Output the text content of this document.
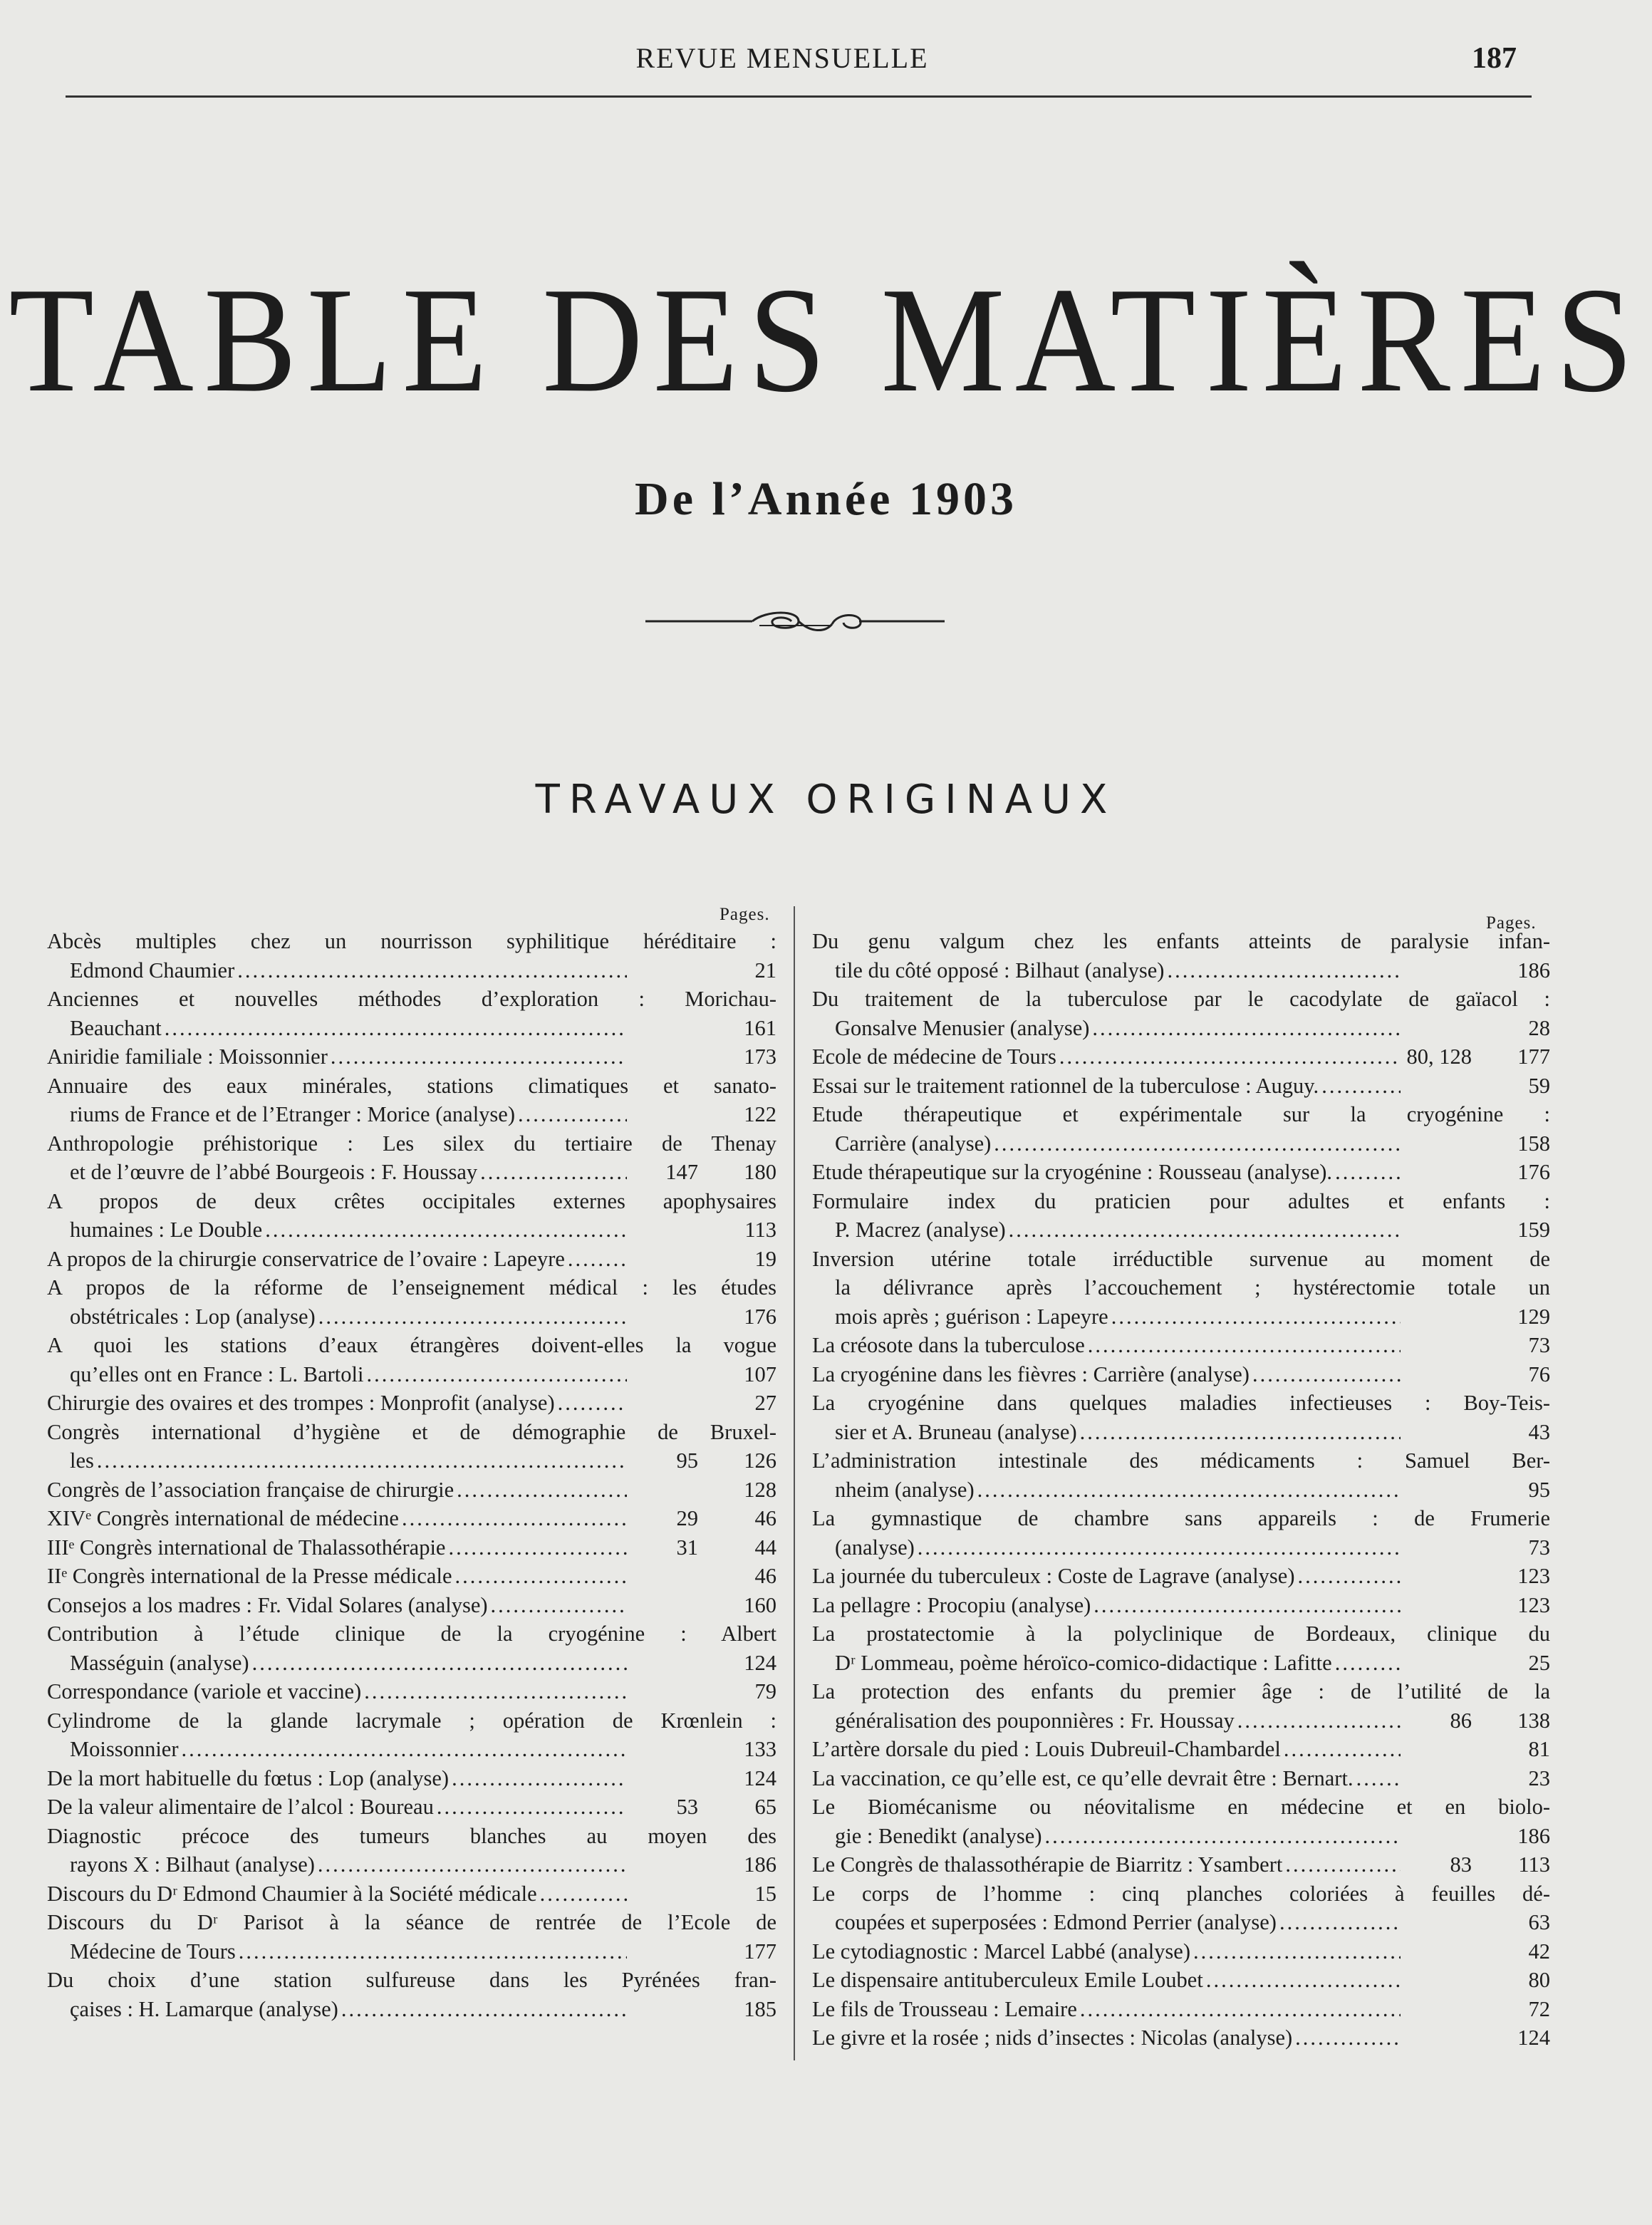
REVUE MENSUELLE	187
TABLE DES MATIÈRES
De l’Année 1903
TRAVAUX ORIGINAUX
Pages.	Pages.
Abcès multiples chez un nourrisson syphilitique héréditaire :
Edmond Chaumier .....	21
Anciennes et nouvelles méthodes d’exploration : Morichau-
Beauchant .....	161
Aniridie familiale : Moissonnier .....	173
Annuaire des eaux minérales, stations climatiques et sanato-
riums de France et de l’Etranger : Morice (analyse) .....	122
Anthropologie préhistorique : Les silex du tertiaire de Thenay
et de l’œuvre de l’abbé Bourgeois : F. Houssay .....	147	180
A propos de deux crêtes occipitales externes apophysaires
humaines : Le Double .....	113
A propos de la chirurgie conservatrice de l’ovaire : Lapeyre .....	19
A propos de la réforme de l’enseignement médical : les études
obstétricales : Lop (analyse) .....	176
A quoi les stations d’eaux étrangères doivent-elles la vogue
qu’elles ont en France : L. Bartoli .....	107
Chirurgie des ovaires et des trompes : Monprofit (analyse) .....	27
Congrès international d’hygiène et de démographie de Bruxel-
les .....	95	126
Congrès de l’association française de chirurgie .....	128
XIVᵉ Congrès international de médecine .....	29	46
IIIᵉ Congrès international de Thalassothérapie .....	31	44
IIᵉ Congrès international de la Presse médicale .....	46
Consejos a los madres : Fr. Vidal Solares (analyse) .....	160
Contribution à l’étude clinique de la cryogénine : Albert
Masséguin (analyse) .....	124
Correspondance (variole et vaccine) .....	79
Cylindrome de la glande lacrymale ; opération de Krœnlein :
Moissonnier .....	133
De la mort habituelle du fœtus : Lop (analyse) .....	124
De la valeur alimentaire de l’alcol : Boureau .....	53	65
Diagnostic précoce des tumeurs blanches au moyen des
rayons X : Bilhaut (analyse) .....	186
Discours du Dʳ Edmond Chaumier à la Société médicale .....	15
Discours du Dʳ Parisot à la séance de rentrée de l’Ecole de
Médecine de Tours .....	177
Du choix d’une station sulfureuse dans les Pyrénées fran-
çaises : H. Lamarque (analyse) .....	185
Du genu valgum chez les enfants atteints de paralysie infan-
tile du côté opposé : Bilhaut (analyse) .....	186
Du traitement de la tuberculose par le cacodylate de gaïacol :
Gonsalve Menusier (analyse) .....	28
Ecole de médecine de Tours .....	80, 128	177
Essai sur le traitement rationnel de la tuberculose : Auguy. .....	59
Etude thérapeutique et expérimentale sur la cryogénine :
Carrière (analyse) .....	158
Etude thérapeutique sur la cryogénine : Rousseau (analyse). .....	176
Formulaire index du praticien pour adultes et enfants :
P. Macrez (analyse) .....	159
Inversion utérine totale irréductible survenue au moment de
la délivrance après l’accouchement ; hystérectomie totale un
mois après ; guérison : Lapeyre .....	129
La créosote dans la tuberculose .....	73
La cryogénine dans les fièvres : Carrière (analyse) .....	76
La cryogénine dans quelques maladies infectieuses : Boy-Teis-
sier et A. Bruneau (analyse) .....	43
L’administration intestinale des médicaments : Samuel Ber-
nheim (analyse) .....	95
La gymnastique de chambre sans appareils : de Frumerie
(analyse) .....	73
La journée du tuberculeux : Coste de Lagrave (analyse) .....	123
La pellagre : Procopiu (analyse) .....	123
La prostatectomie à la polyclinique de Bordeaux, clinique du
Dʳ Lommeau, poème héroïco-comico-didactique : Lafitte .....	25
La protection des enfants du premier âge : de l’utilité de la
généralisation des pouponnières : Fr. Houssay .....	86	138
L’artère dorsale du pied : Louis Dubreuil-Chambardel .....	81
La vaccination, ce qu’elle est, ce qu’elle devrait être : Bernart. .....	23
Le Biomécanisme ou néovitalisme en médecine et en biolo-
gie : Benedikt (analyse) .....	186
Le Congrès de thalassothérapie de Biarritz : Ysambert .....	83	113
Le corps de l’homme : cinq planches coloriées à feuilles dé-
coupées et superposées : Edmond Perrier (analyse) .....	63
Le cytodiagnostic : Marcel Labbé (analyse) .....	42
Le dispensaire antituberculeux Emile Loubet .....	80
Le fils de Trousseau : Lemaire .....	72
Le givre et la rosée ; nids d’insectes : Nicolas (analyse) .....	124
